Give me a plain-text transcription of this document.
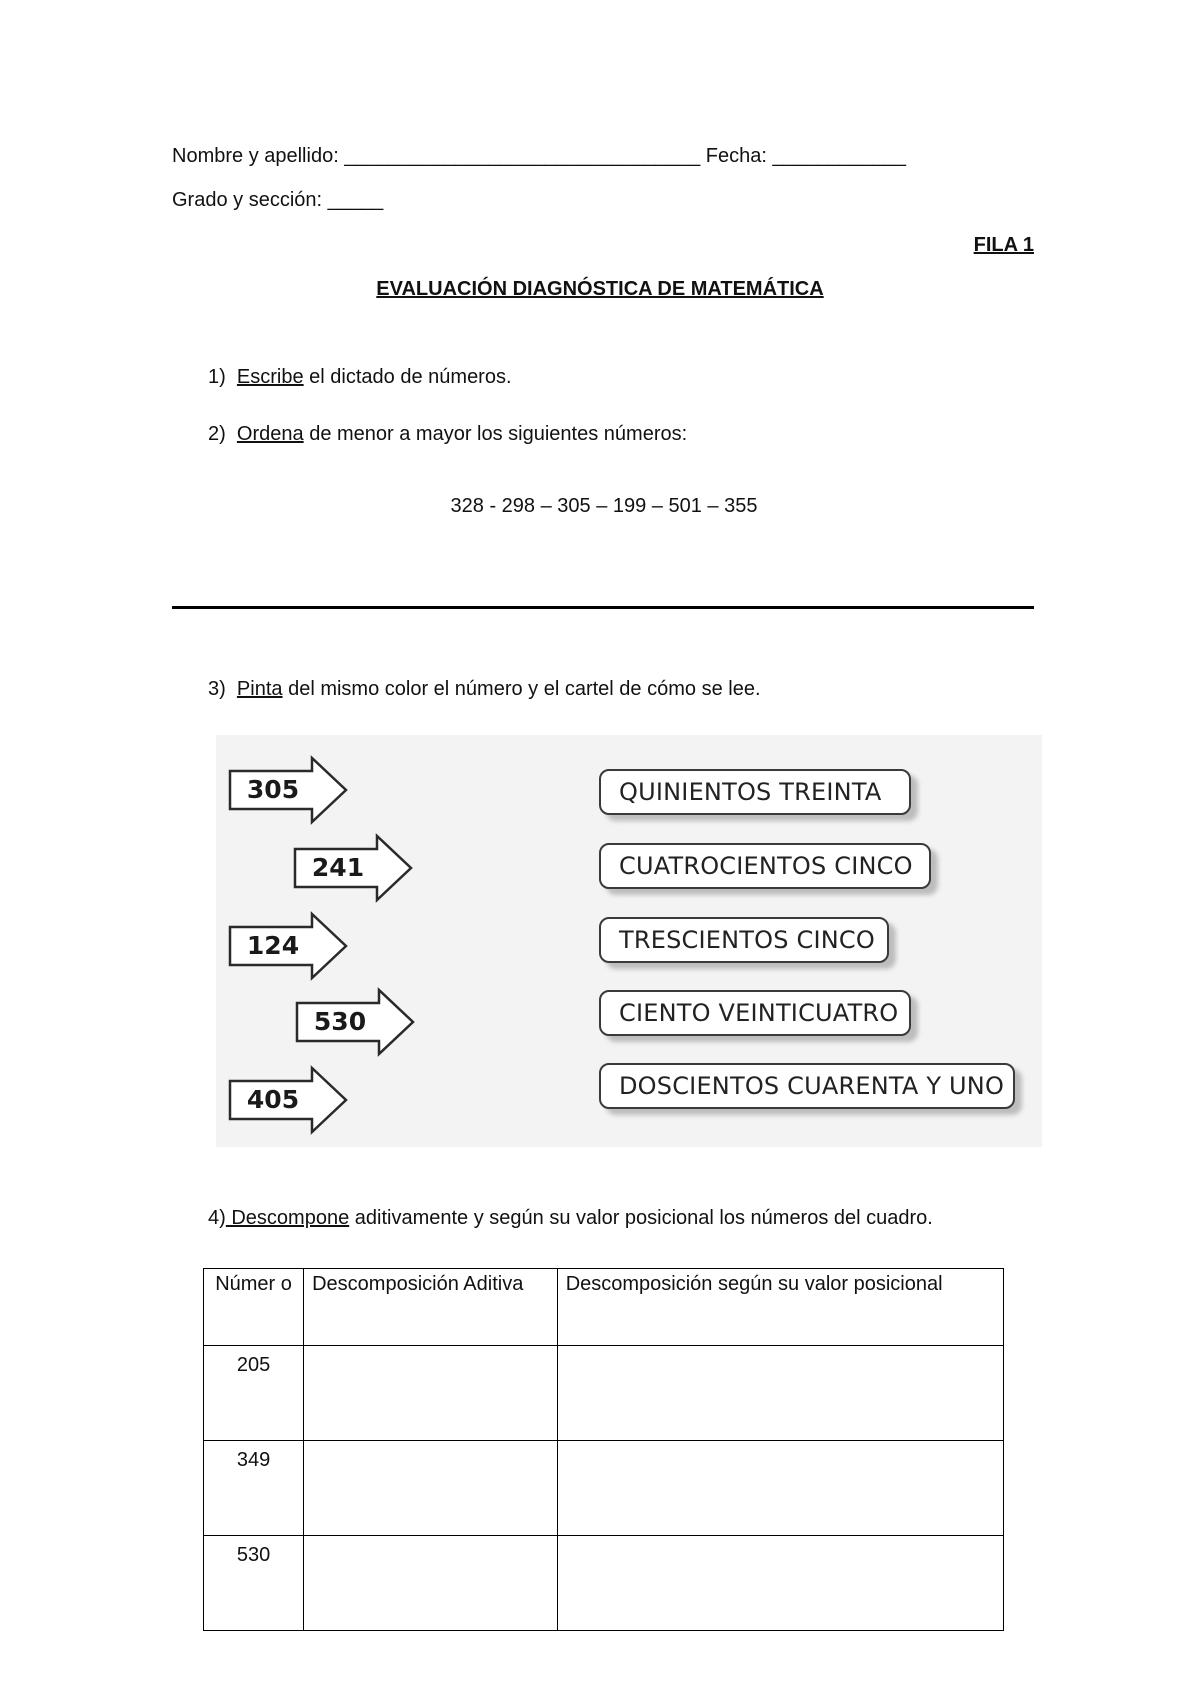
Nombre y apellido: ________________________________ Fecha: ____________
Grado y sección: _____
FILA 1
EVALUACIÓN DIAGNÓSTICA DE MATEMÁTICA
1) Escribe el dictado de números.
2) Ordena de menor a mayor los siguientes números:
328 - 298 – 305 – 199 – 501 – 355
3) Pinta del mismo color el número y el cartel de cómo se lee.
305
241
124
530
405
QUINIENTOS TREINTA
CUATROCIENTOS CINCO
TRESCIENTOS CINCO
CIENTO VEINTICUATRO
DOSCIENTOS CUARENTA Y UNO
4) Descompone aditivamente y según su valor posicional los números del cuadro.
Númer o	Descomposición Aditiva	Descomposición según su valor posicional
205		
349		
530		
